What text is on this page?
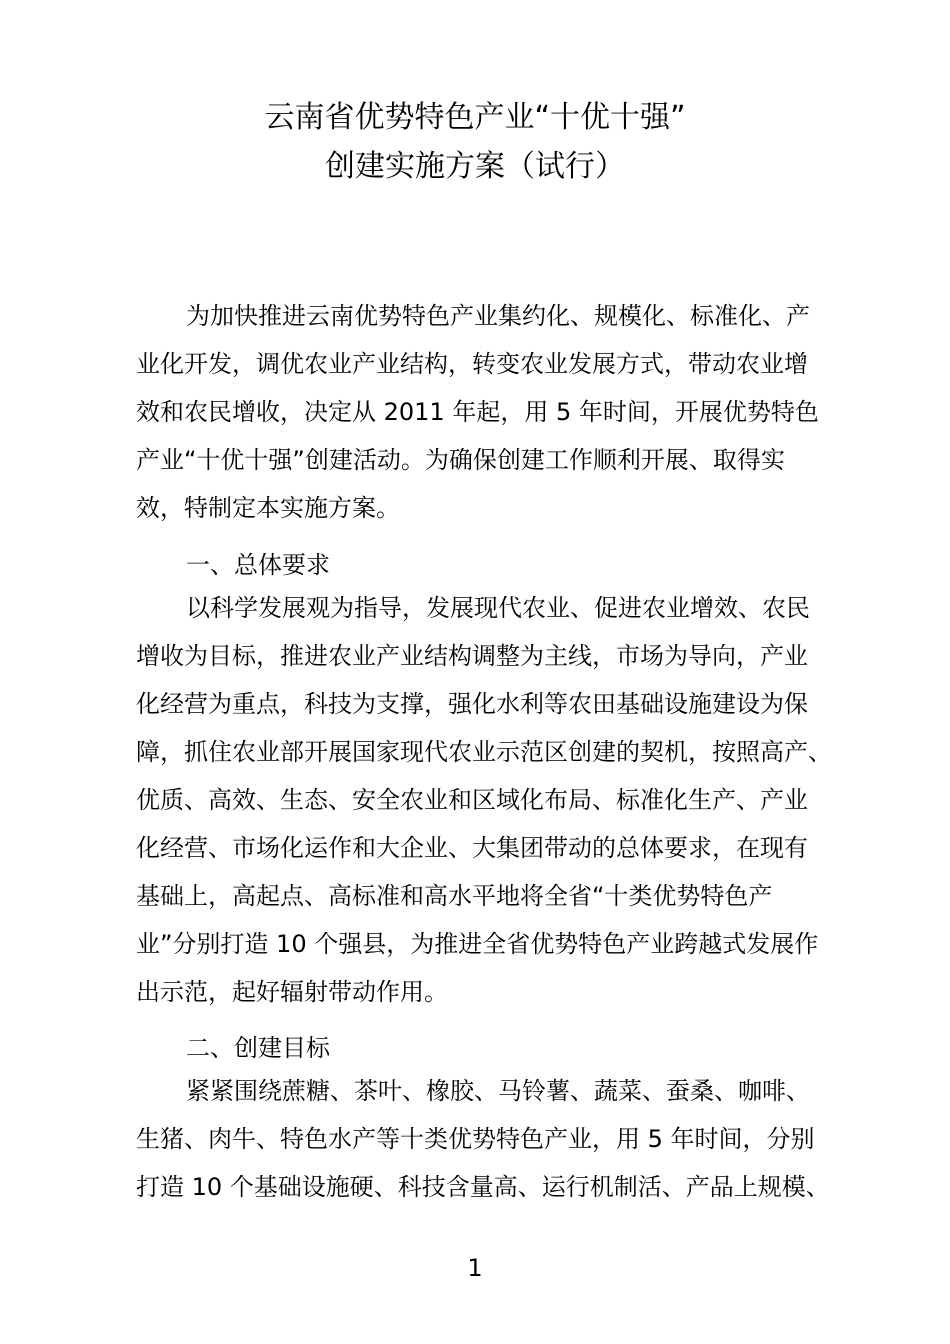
云南省优势特色产业“十优十强”
创建实施方案（试行）
为加快推进云南优势特色产业集约化、规模化、标准化、产
业化开发，调优农业产业结构，转变农业发展方式，带动农业增
效和农民增收，决定从 2011 年起，用 5 年时间，开展优势特色
产业“十优十强”创建活动。为确保创建工作顺利开展、取得实
效，特制定本实施方案。
一、总体要求
以科学发展观为指导，发展现代农业、促进农业增效、农民
增收为目标，推进农业产业结构调整为主线，市场为导向，产业
化经营为重点，科技为支撑，强化水利等农田基础设施建设为保
障，抓住农业部开展国家现代农业示范区创建的契机，按照高产、
优质、高效、生态、安全农业和区域化布局、标准化生产、产业
化经营、市场化运作和大企业、大集团带动的总体要求，在现有
基础上，高起点、高标准和高水平地将全省“十类优势特色产
业”分别打造 10 个强县，为推进全省优势特色产业跨越式发展作
出示范，起好辐射带动作用。
二、创建目标
紧紧围绕蔗糖、茶叶、橡胶、马铃薯、蔬菜、蚕桑、咖啡、
生猪、肉牛、特色水产等十类优势特色产业，用 5 年时间，分别
打造 10 个基础设施硬、科技含量高、运行机制活、产品上规模、
1
